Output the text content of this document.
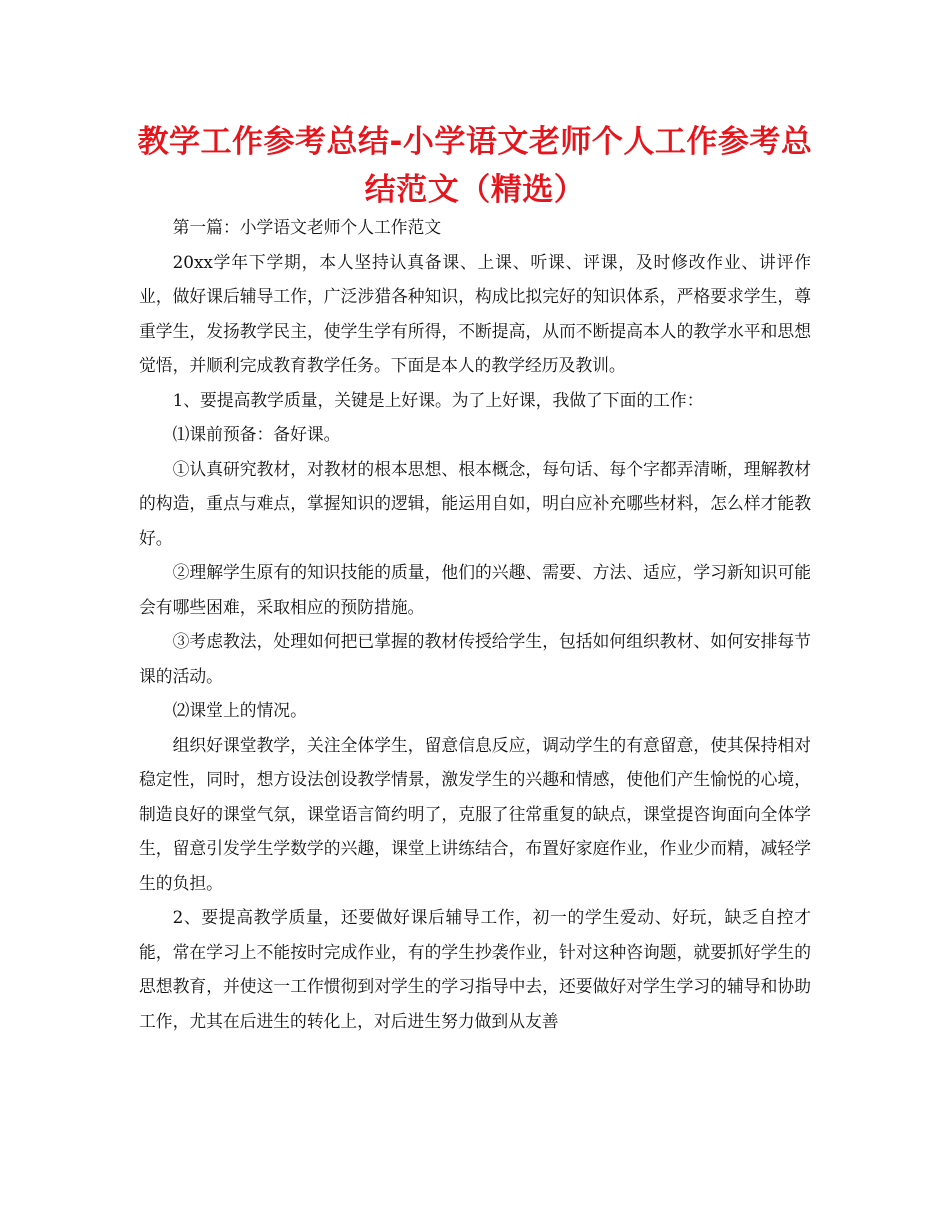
教学工作参考总结-小学语文老师个人工作参考总结范文（精选）

第一篇：小学语文老师个人工作范文

20xx学年下学期，本人坚持认真备课、上课、听课、评课，及时修改作业、讲评作业，做好课后辅导工作，广泛涉猎各种知识，构成比拟完好的知识体系，严格要求学生，尊重学生，发扬教学民主，使学生学有所得，不断提高，从而不断提高本人的教学水平和思想觉悟，并顺利完成教育教学任务。下面是本人的教学经历及教训。

1、要提高教学质量，关键是上好课。为了上好课，我做了下面的工作：

⑴课前预备：备好课。

①认真研究教材，对教材的根本思想、根本概念，每句话、每个字都弄清晰，理解教材的构造，重点与难点，掌握知识的逻辑，能运用自如，明白应补充哪些材料，怎么样才能教好。

②理解学生原有的知识技能的质量，他们的兴趣、需要、方法、适应，学习新知识可能会有哪些困难，采取相应的预防措施。

③考虑教法，处理如何把已掌握的教材传授给学生，包括如何组织教材、如何安排每节课的活动。

⑵课堂上的情况。

组织好课堂教学，关注全体学生，留意信息反应，调动学生的有意留意，使其保持相对稳定性，同时，想方设法创设教学情景，激发学生的兴趣和情感，使他们产生愉悦的心境，制造良好的课堂气氛，课堂语言简约明了，克服了往常重复的缺点，课堂提咨询面向全体学生，留意引发学生学数学的兴趣，课堂上讲练结合，布置好家庭作业，作业少而精，减轻学生的负担。

2、要提高教学质量，还要做好课后辅导工作，初一的学生爱动、好玩，缺乏自控才能，常在学习上不能按时完成作业，有的学生抄袭作业，针对这种咨询题，就要抓好学生的思想教育，并使这一工作惯彻到对学生的学习指导中去，还要做好对学生学习的辅导和协助工作，尤其在后进生的转化上，对后进生努力做到从友善
